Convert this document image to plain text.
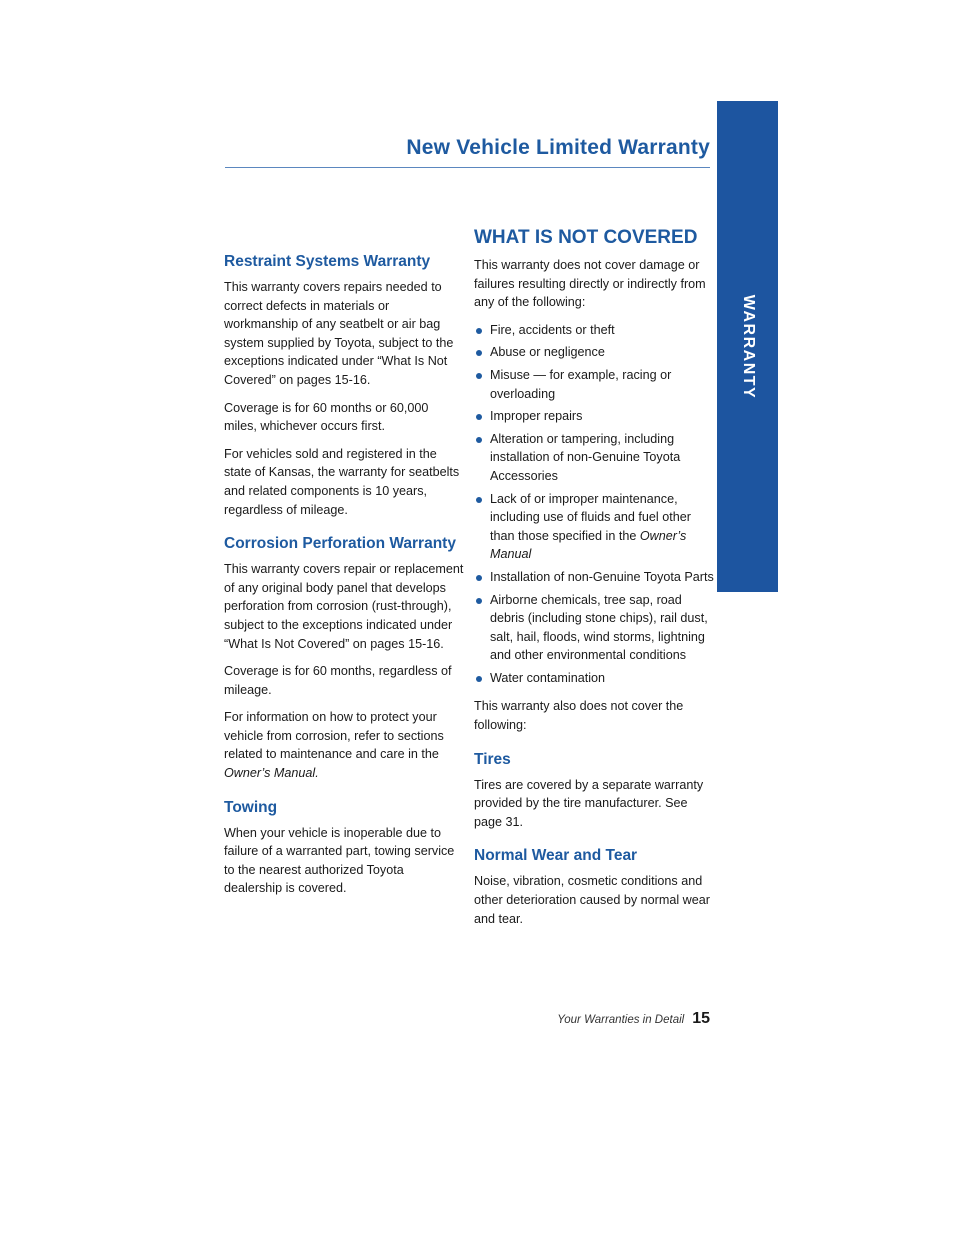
New Vehicle Limited Warranty
WARRANTY
Restraint Systems Warranty

This warranty covers repairs needed to correct defects in materials or workmanship of any seatbelt or air bag system supplied by Toyota, subject to the exceptions indicated under “What Is Not Covered” on pages 15-16.

Coverage is for 60 months or 60,000 miles, whichever occurs first.

For vehicles sold and registered in the state of Kansas, the warranty for seatbelts and related components is 10 years, regardless of mileage.

Corrosion Perforation Warranty

This warranty covers repair or replacement of any original body panel that develops perforation from corrosion (rust-through), subject to the exceptions indicated under “What Is Not Covered” on pages 15-16.

Coverage is for 60 months, regardless of mileage.

For information on how to protect your vehicle from corrosion, refer to sections related to maintenance and care in the Owner’s Manual.

Towing

When your vehicle is inoperable due to failure of a warranted part, towing service to the nearest authorized Toyota dealership is covered.

WHAT IS NOT COVERED

This warranty does not cover damage or failures resulting directly or indirectly from any of the following:

Fire, accidents or theft
Abuse or negligence
Misuse — for example, racing or overloading
Improper repairs
Alteration or tampering, including installation of non-Genuine Toyota Accessories
Lack of or improper maintenance, including use of fluids and fuel other than those specified in the Owner’s Manual
Installation of non-Genuine Toyota Parts
Airborne chemicals, tree sap, road debris (including stone chips), rail dust, salt, hail, floods, wind storms, lightning and other environmental conditions
Water contamination

This warranty also does not cover the following:

Tires

Tires are covered by a separate warranty provided by the tire manufacturer. See page 31.

Normal Wear and Tear

Noise, vibration, cosmetic conditions and other deterioration caused by normal wear and tear.

Your Warranties in Detail 15
